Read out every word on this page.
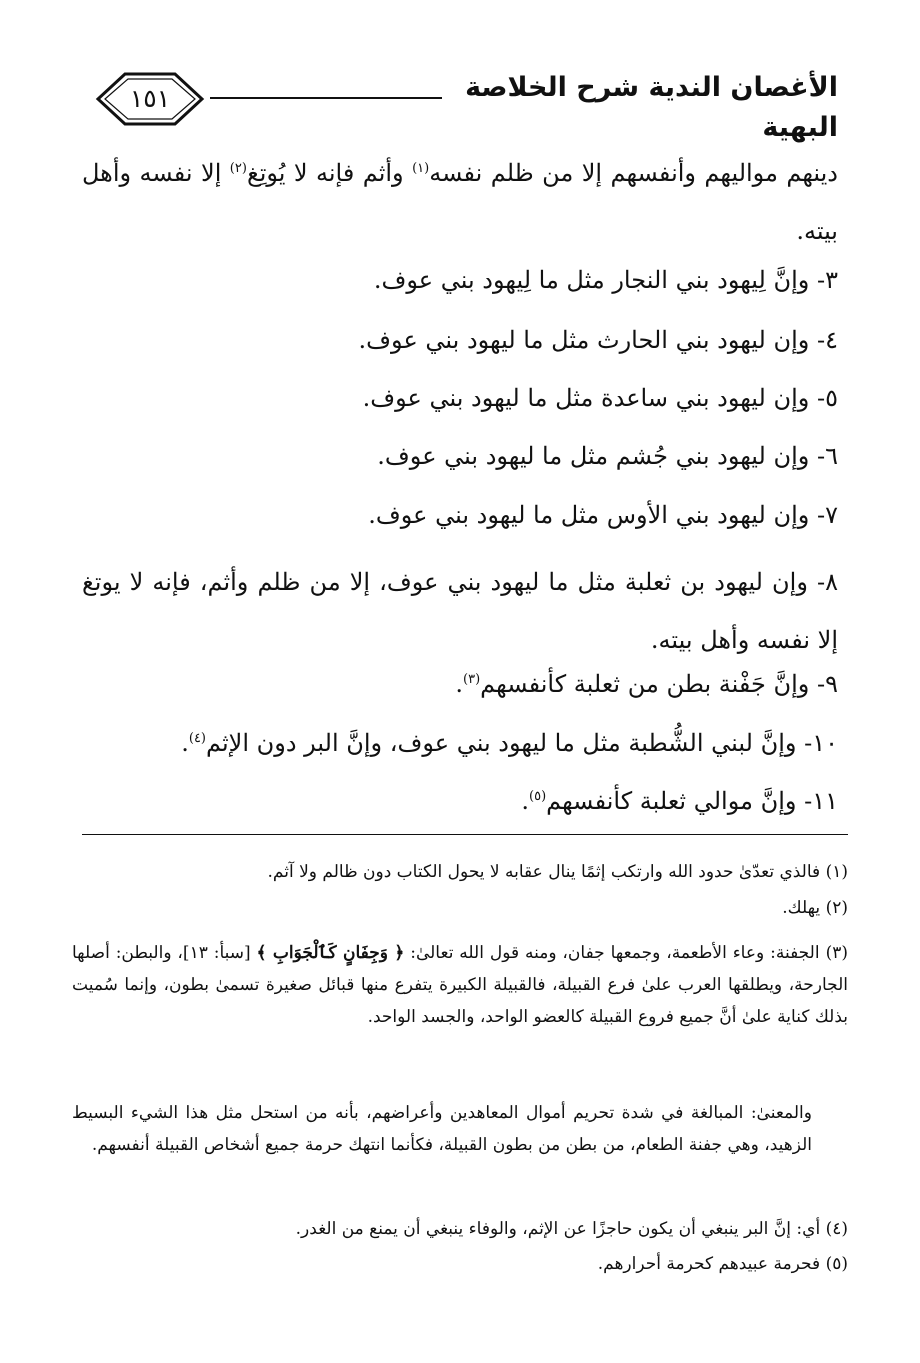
الأغصان الندية شرح الخلاصة البهية
١٥١
دينهم مواليهم وأنفسهم إلا من ظلم نفسه$^{(١)}$ وأثم فإنه لا يُوتِغ$^{(٢)}$ إلا نفسه وأهل بيته.
٣- وإنَّ لِيهود بني النجار مثل ما لِيهود بني عوف.
٤- وإن ليهود بني الحارث مثل ما ليهود بني عوف.
٥- وإن ليهود بني ساعدة مثل ما ليهود بني عوف.
٦- وإن ليهود بني جُشم مثل ما ليهود بني عوف.
٧- وإن ليهود بني الأوس مثل ما ليهود بني عوف.
٨- وإن ليهود بن ثعلبة مثل ما ليهود بني عوف، إلا من ظلم وأثم، فإنه لا يوتغ إلا نفسه وأهل بيته.
٩- وإنَّ جَفْنة بطن من ثعلبة كأنفسهم$^{(٣)}$.
١٠- وإنَّ لبني الشُّطبة مثل ما ليهود بني عوف، وإنَّ البر دون الإثم$^{(٤)}$.
١١- وإنَّ موالي ثعلبة كأنفسهم$^{(٥)}$.
(١) فالذي تعدّىٰ حدود الله وارتكب إثمًا ينال عقابه لا يحول الكتاب دون ظالم ولا آثم.
(٢) يهلك.
(٣)الجفنة: وعاء الأطعمة، وجمعها جفان، ومنه قول الله تعالىٰ: ﴿ وَجِفَانٍ كَٱلْجَوَابِ ﴾ [سبأ: ١٣]، والبطن: أصلها الجارحة، ويطلقها العرب علىٰ فرع القبيلة، فالقبيلة الكبيرة يتفرع منها قبائل صغيرة تسمىٰ بطون، وإنما سُميت بذلك كناية علىٰ أنَّ جميع فروع القبيلة كالعضو الواحد، والجسد الواحد.
والمعنىٰ: المبالغة في شدة تحريم أموال المعاهدين وأعراضهم، بأنه من استحل مثل هذا الشيء البسيط الزهيد، وهي جفنة الطعام، من بطن من بطون القبيلة، فكأنما انتهك حرمة جميع أشخاص القبيلة أنفسهم.
(٤) أي: إنَّ البر ينبغي أن يكون حاجزًا عن الإثم، والوفاء ينبغي أن يمنع من الغدر.
(٥) فحرمة عبيدهم كحرمة أحرارهم.
